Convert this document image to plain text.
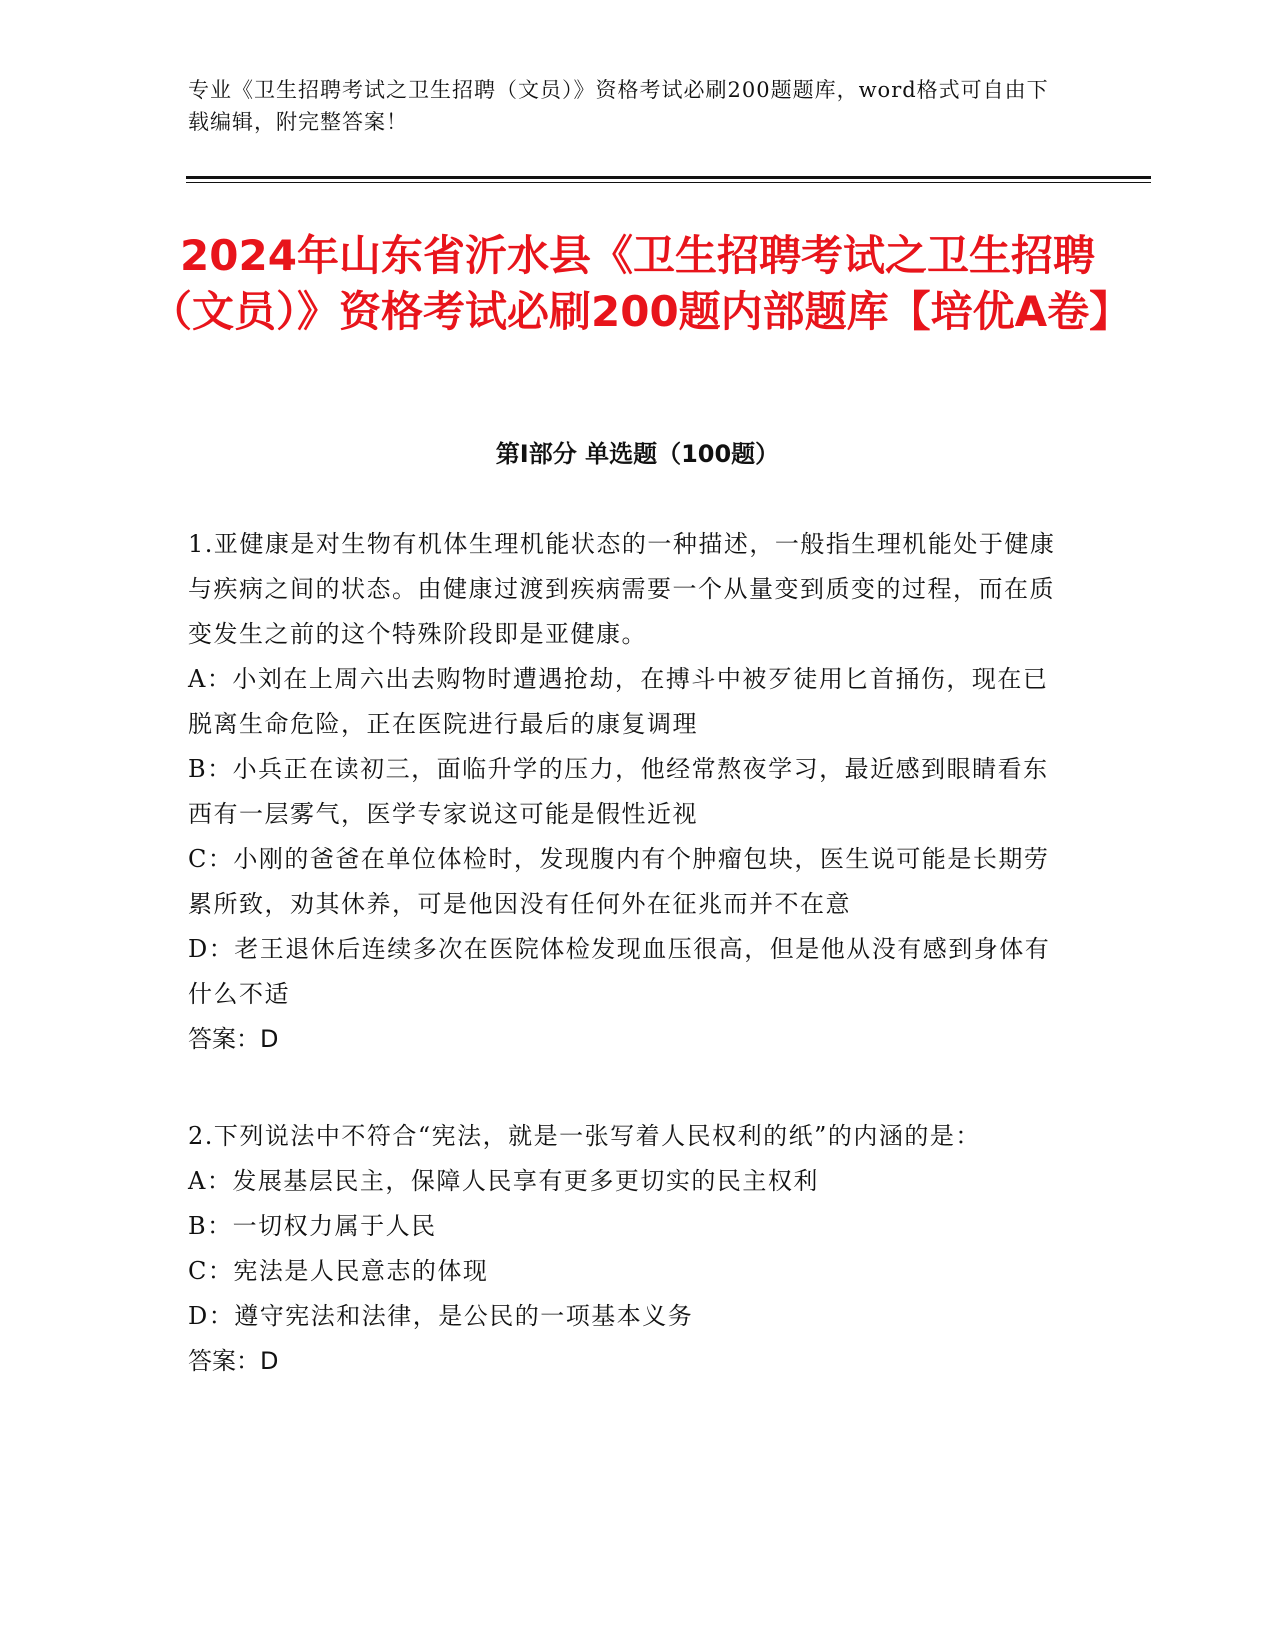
专业《卫生招聘考试之卫生招聘（文员）》资格考试必刷200题题库，word格式可自由下载编辑，附完整答案！

2024年山东省沂水县《卫生招聘考试之卫生招聘（文员）》资格考试必刷200题内部题库【培优A卷】
第Ⅰ部分 单选题（100题）

1.亚健康是对生物有机体生理机能状态的一种描述，一般指生理机能处于健康与疾病之间的状态。由健康过渡到疾病需要一个从量变到质变的过程，而在质变发生之前的这个特殊阶段即是亚健康。

A：小刘在上周六出去购物时遭遇抢劫，在搏斗中被歹徒用匕首捅伤，现在已脱离生命危险，正在医院进行最后的康复调理

B：小兵正在读初三，面临升学的压力，他经常熬夜学习，最近感到眼睛看东西有一层雾气，医学专家说这可能是假性近视

C：小刚的爸爸在单位体检时，发现腹内有个肿瘤包块，医生说可能是长期劳累所致，劝其休养，可是他因没有任何外在征兆而并不在意

D：老王退休后连续多次在医院体检发现血压很高，但是他从没有感到身体有什么不适

答案：D

2.下列说法中不符合“宪法，就是一张写着人民权利的纸”的内涵的是：

A：发展基层民主，保障人民享有更多更切实的民主权利

B：一切权力属于人民

C：宪法是人民意志的体现

D：遵守宪法和法律，是公民的一项基本义务

答案：D
